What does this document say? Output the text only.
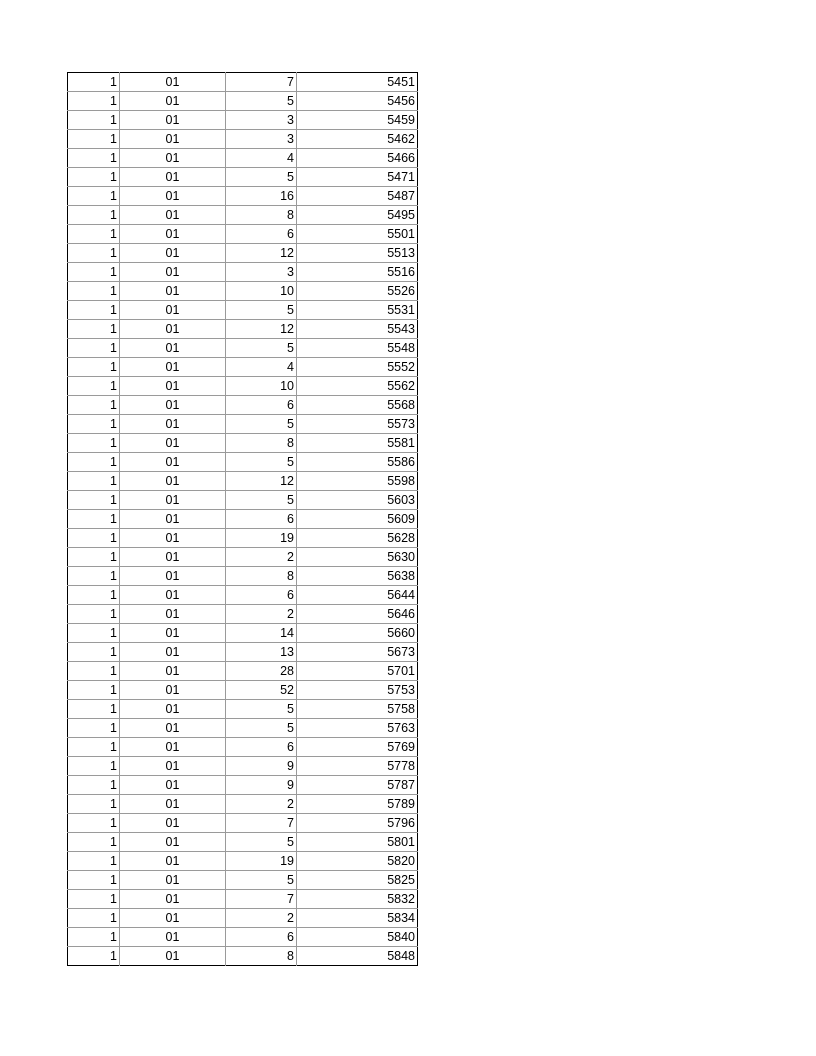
1	01	7	5451
1	01	5	5456
1	01	3	5459
1	01	3	5462
1	01	4	5466
1	01	5	5471
1	01	16	5487
1	01	8	5495
1	01	6	5501
1	01	12	5513
1	01	3	5516
1	01	10	5526
1	01	5	5531
1	01	12	5543
1	01	5	5548
1	01	4	5552
1	01	10	5562
1	01	6	5568
1	01	5	5573
1	01	8	5581
1	01	5	5586
1	01	12	5598
1	01	5	5603
1	01	6	5609
1	01	19	5628
1	01	2	5630
1	01	8	5638
1	01	6	5644
1	01	2	5646
1	01	14	5660
1	01	13	5673
1	01	28	5701
1	01	52	5753
1	01	5	5758
1	01	5	5763
1	01	6	5769
1	01	9	5778
1	01	9	5787
1	01	2	5789
1	01	7	5796
1	01	5	5801
1	01	19	5820
1	01	5	5825
1	01	7	5832
1	01	2	5834
1	01	6	5840
1	01	8	5848
